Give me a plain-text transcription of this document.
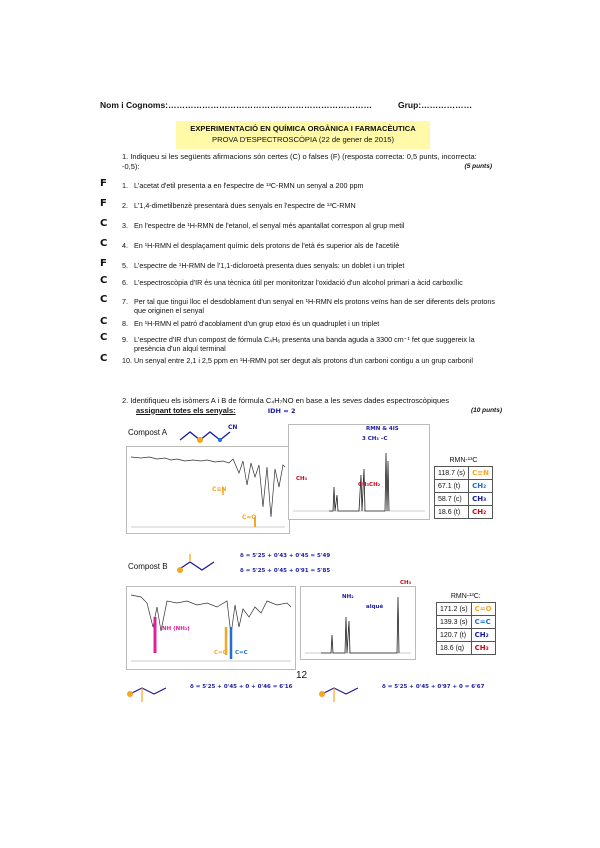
Nom i Cognoms:………………………………………………………………	Grup:………………
EXPERIMENTACIÓ EN QUÍMICA ORGÀNICA I FARMACÈUTICA
PROVA D'ESPECTROSCÒPIA (22 de gener de 2015)
1. Indiqueu si les següents afirmacions són certes (C) o falses (F) (resposta correcta: 0,5 punts, incorrecta: -0,5):	(5 punts)
F 1. L'acetat d'etil presenta a en l'espectre de ¹³C-RMN un senyal a 200 ppm
F 2. L'1,4-dimetilbenzè presentarà dues senyals en l'espectre de ¹³C-RMN
C 3. En l'espectre de ¹H-RMN de l'etanol, el senyal més apantallat correspon al grup metil
C 4. En ¹H-RMN el desplaçament químic dels protons de l'età és superior als de l'acetilè
F 5. L'espectre de ¹H-RMN de l'1,1-dicloroetà presenta dues senyals: un doblet i un triplet
C 6. L'espectroscòpia d'IR és una tècnica útil per monitoritzar l'oxidació d'un alcohol primari a àcid carboxílic
C 7. Per tal que tingui lloc el desdoblament d'un senyal en ¹H-RMN els protons veïns han de ser diferents dels protons que originen el senyal
C 8. En ¹H-RMN el patró d'acoblament d'un grup etoxi és un quadruplet i un triplet
C 9. L'espectre d'IR d'un compost de fórmula C₄H₆ presenta una banda aguda a 3300 cm⁻¹ fet que suggereix la presència d'un alquí terminal
C 10. Un senyal entre 2,1 i 2,5 ppm en ¹H-RMN pot ser degut als protons d'un carboni contigu a un grup carbonil
2. Identifiqueu els isòmers A i B de fórmula C₄H₇NO en base a les seves dades espectroscòpiques
assignant totes els senyals:	IDH = 2	(10 punts)
Compost A
CN
C≡N
C=O
RMN & 4IS
3 CH₃ –C
CH₃
CH₃CH₂
RMN-¹³C	
118.7 (s)	C≡N
67.1 (t)	CH₂
58.7 (c)	CH₃
18.6 (t)	CH₂
Compost B
δ = 5'25 + 0'43 + 0'45 = 5'49
δ = 5'25 + 0'45 + 0'91 = 5'85
NH (NH₂)
C=O C=C
NH₂
CH₃
alquè
RMN-¹³C:	
171.2 (s)	C=O
139.3 (s)	C=C
120.7 (t)	CH₂
18.6 (q)	CH₃
δ = 5'25 + 0'45 + 0 + 0'46 = 6'16	δ = 5'25 + 0'45 + 0'97 + 0 = 6'67
12
